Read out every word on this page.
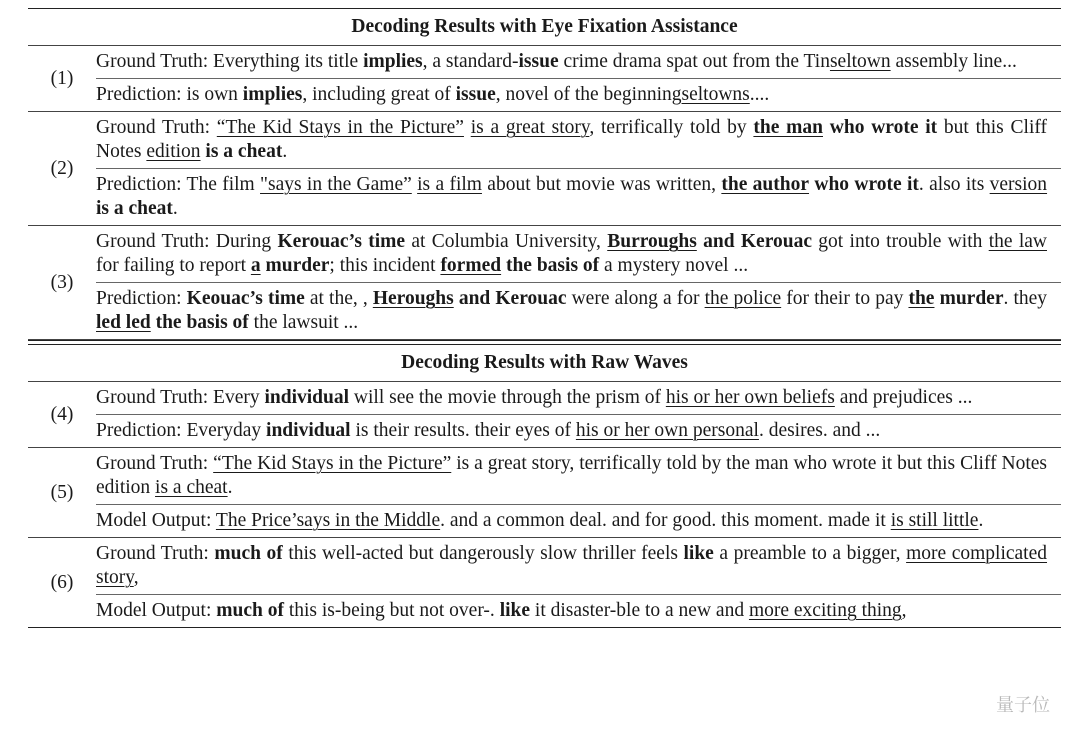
Decoding Results with Eye Fixation Assistance
(1)
Ground Truth: Everything its title implies, a standard-issue crime drama spat out from the Tinseltown assembly line...
Prediction: is own implies, including great of issue, novel of the beginningseltowns....
(2)
Ground Truth: “The Kid Stays in the Picture” is a great story, terrifically told by the man who wrote it but this Cliff Notes edition is a cheat.
Prediction: The film "says in the Game” is a film about but movie was written, the author who wrote it. also its version is a cheat.
(3)
Ground Truth: During Kerouac’s time at Columbia University, Burroughs and Kerouac got into trouble with the law for failing to report a murder; this incident formed the basis of a mystery novel ...
Prediction: Keouac’s time at the, , Heroughs and Kerouac were along a for the police for their to pay the murder. they led led the basis of the lawsuit ...
Decoding Results with Raw Waves
(4)
Ground Truth: Every individual will see the movie through the prism of his or her own beliefs and prejudices ...
Prediction: Everyday individual is their results. their eyes of his or her own personal. desires. and ...
(5)
Ground Truth: “The Kid Stays in the Picture” is a great story, terrifically told by the man who wrote it but this Cliff Notes edition is a cheat.
Model Output: The Price’says in the Middle. and a common deal. and for good. this moment. made it is still little.
(6)
Ground Truth: much of this well-acted but dangerously slow thriller feels like a preamble to a bigger, more complicated story,
Model Output: much of this is-being but not over-. like it disaster-ble to a new and more exciting thing,
量子位
